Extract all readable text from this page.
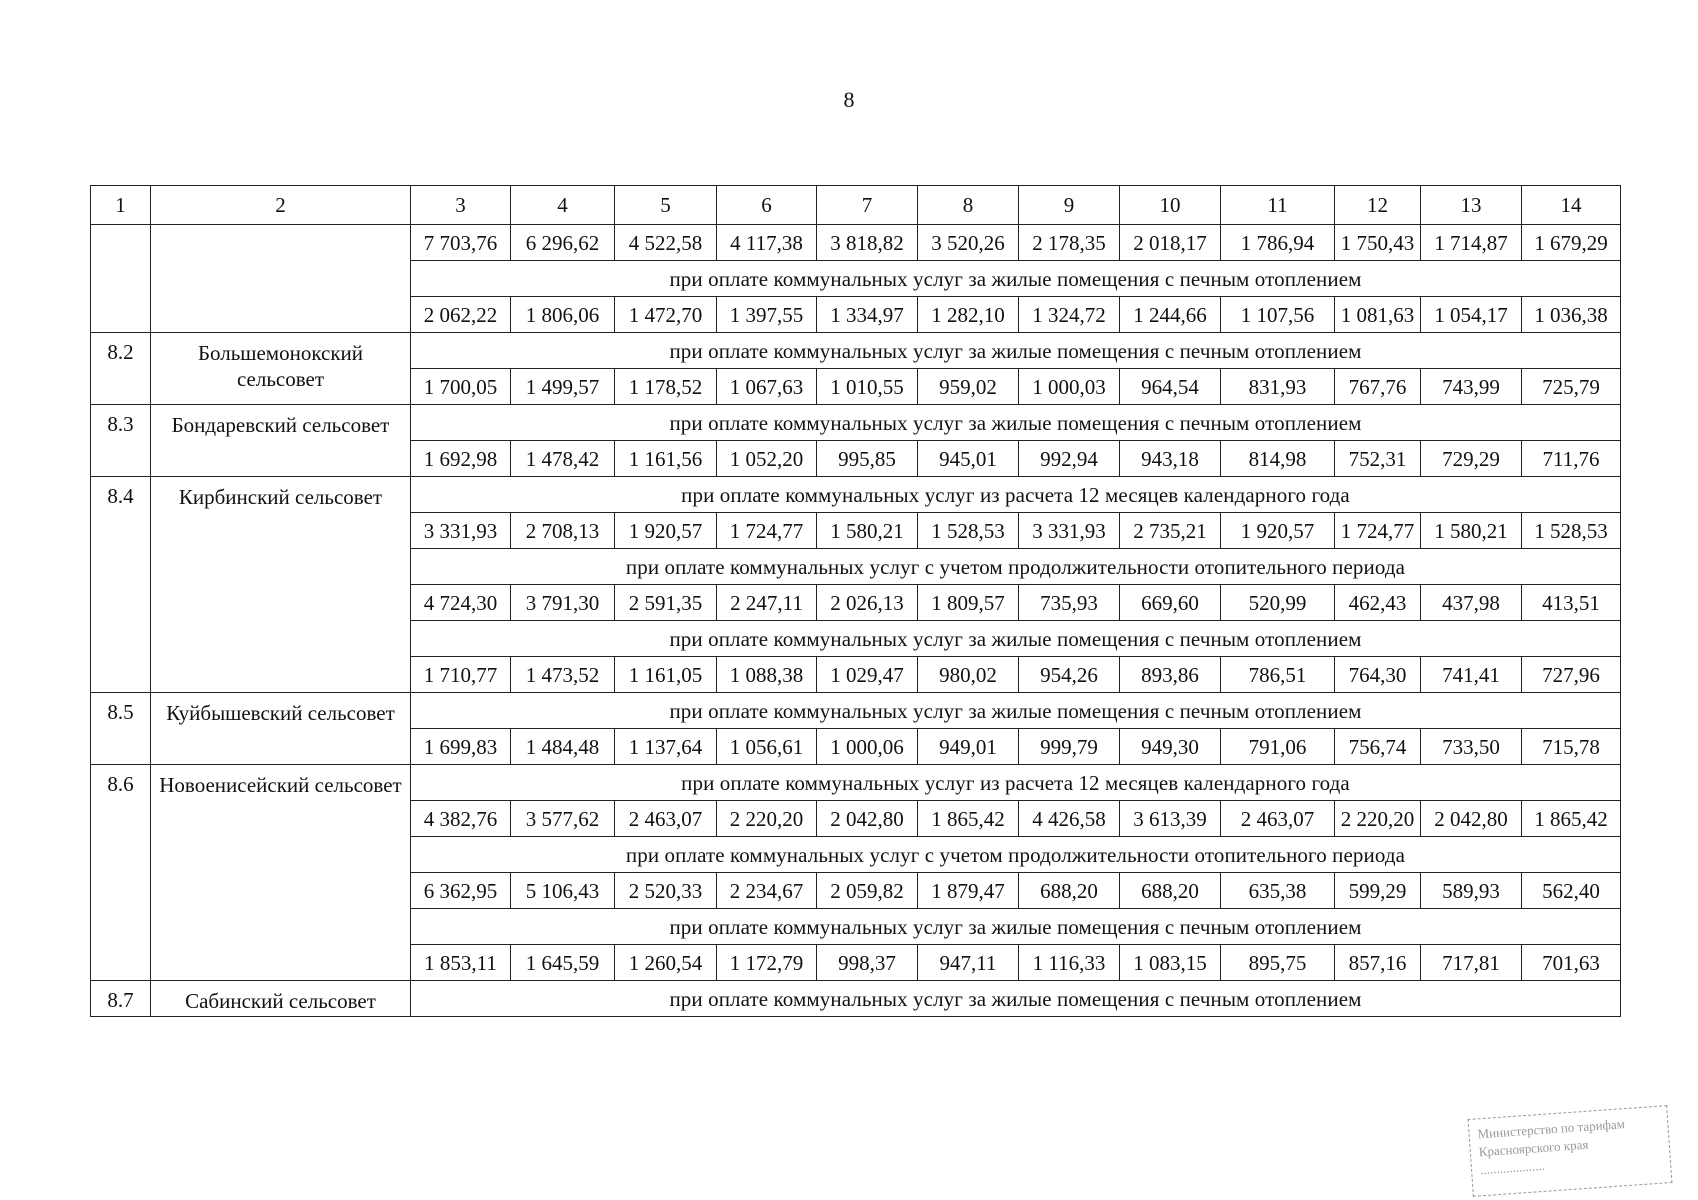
8
1	2	3	4	5	6	7	8	9	10	11	12	13	14
		7 703,76	6 296,62	4 522,58	4 117,38	3 818,82	3 520,26	2 178,35	2 018,17	1 786,94	1 750,43	1 714,87	1 679,29
		при оплате коммунальных услуг за жилые помещения с печным отоплением											
		2 062,22	1 806,06	1 472,70	1 397,55	1 334,97	1 282,10	1 324,72	1 244,66	1 107,56	1 081,63	1 054,17	1 036,38
8.2	Большемонокский сельсовет	при оплате коммунальных услуг за жилые помещения с печным отоплением											
		1 700,05	1 499,57	1 178,52	1 067,63	1 010,55	959,02	1 000,03	964,54	831,93	767,76	743,99	725,79
8.3	Бондаревский сельсовет	при оплате коммунальных услуг за жилые помещения с печным отоплением											
		1 692,98	1 478,42	1 161,56	1 052,20	995,85	945,01	992,94	943,18	814,98	752,31	729,29	711,76
8.4	Кирбинский сельсовет	при оплате коммунальных услуг из расчета 12 месяцев календарного года											
		3 331,93	2 708,13	1 920,57	1 724,77	1 580,21	1 528,53	3 331,93	2 735,21	1 920,57	1 724,77	1 580,21	1 528,53
		при оплате коммунальных услуг с учетом продолжительности отопительного периода											
		4 724,30	3 791,30	2 591,35	2 247,11	2 026,13	1 809,57	735,93	669,60	520,99	462,43	437,98	413,51
		при оплате коммунальных услуг за жилые помещения с печным отоплением											
		1 710,77	1 473,52	1 161,05	1 088,38	1 029,47	980,02	954,26	893,86	786,51	764,30	741,41	727,96
8.5	Куйбышевский сельсовет	при оплате коммунальных услуг за жилые помещения с печным отоплением											
		1 699,83	1 484,48	1 137,64	1 056,61	1 000,06	949,01	999,79	949,30	791,06	756,74	733,50	715,78
8.6	Новоенисейский сельсовет	при оплате коммунальных услуг из расчета 12 месяцев календарного года											
		4 382,76	3 577,62	2 463,07	2 220,20	2 042,80	1 865,42	4 426,58	3 613,39	2 463,07	2 220,20	2 042,80	1 865,42
		при оплате коммунальных услуг с учетом продолжительности отопительного периода											
		6 362,95	5 106,43	2 520,33	2 234,67	2 059,82	1 879,47	688,20	688,20	635,38	599,29	589,93	562,40
		при оплате коммунальных услуг за жилые помещения с печным отоплением											
		1 853,11	1 645,59	1 260,54	1 172,79	998,37	947,11	1 116,33	1 083,15	895,75	857,16	717,81	701,63
8.7	Сабинский сельсовет	при оплате коммунальных услуг за жилые помещения с печным отоплением											
Министерство по тарифам
Красноярского края
....................
